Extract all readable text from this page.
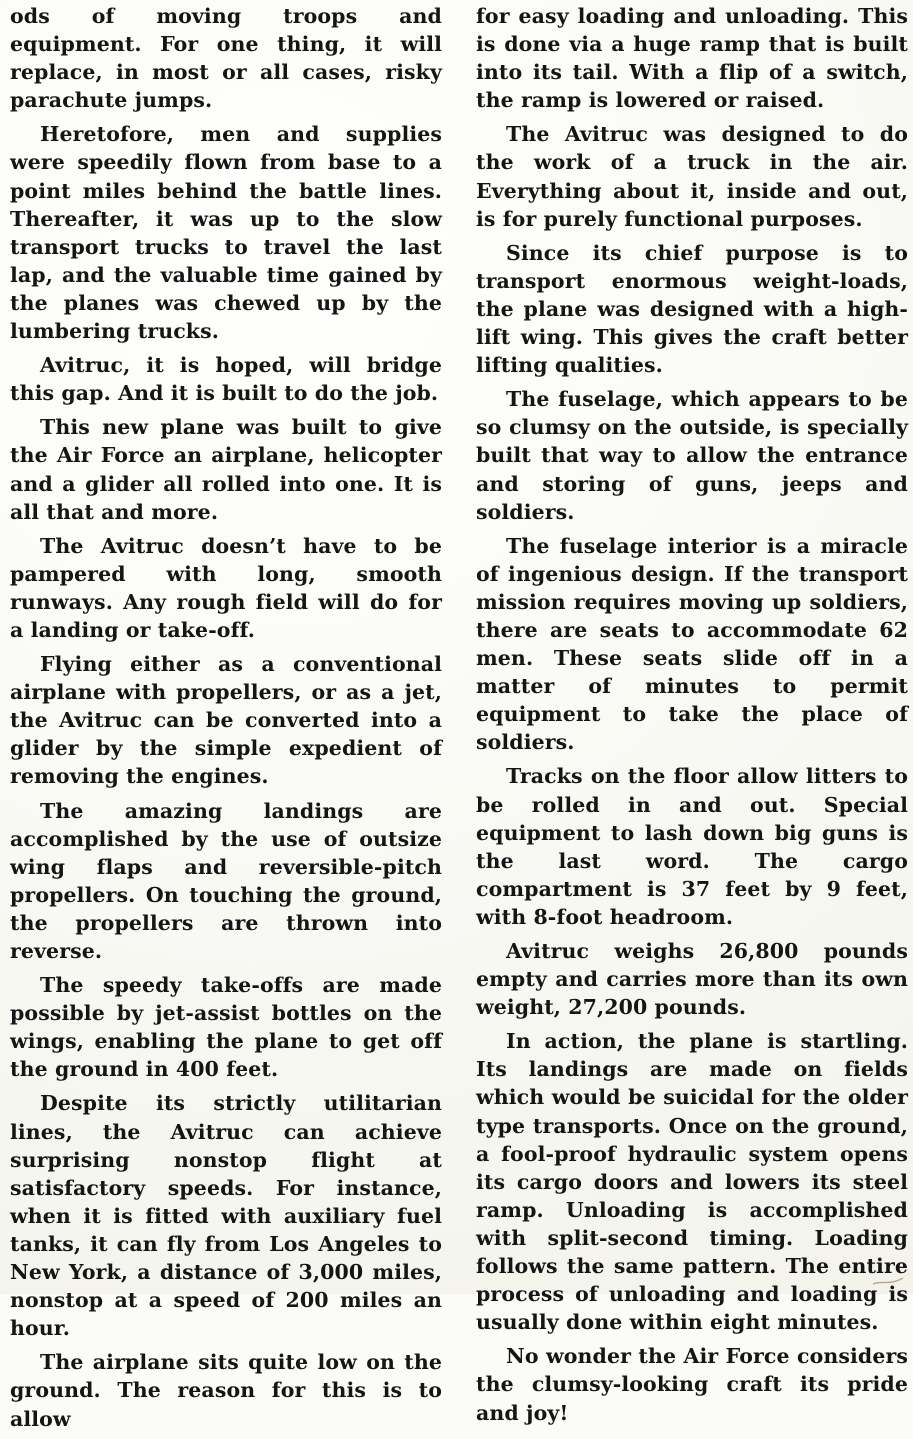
ods of moving troops and equipment. For one thing, it will replace, in most or all cases, risky parachute jumps.

Heretofore, men and supplies were speedily flown from base to a point miles behind the battle lines. Thereafter, it was up to the slow transport trucks to travel the last lap, and the valuable time gained by the planes was chewed up by the lumbering trucks.

Avitruc, it is hoped, will bridge this gap. And it is built to do the job.

This new plane was built to give the Air Force an airplane, helicopter and a glider all rolled into one. It is all that and more.

The Avitruc doesn’t have to be pampered with long, smooth runways. Any rough field will do for a landing or take-off.

Flying either as a conventional airplane with propellers, or as a jet, the Avitruc can be converted into a glider by the simple expedient of removing the engines.

The amazing landings are accomplished by the use of outsize wing flaps and reversible-pitch propellers. On touching the ground, the propellers are thrown into reverse.

The speedy take-offs are made possible by jet-assist bottles on the wings, enabling the plane to get off the ground in 400 feet.

Despite its strictly utilitarian lines, the Avitruc can achieve surprising nonstop flight at satisfactory speeds. For instance, when it is fitted with auxiliary fuel tanks, it can fly from Los Angeles to New York, a distance of 3,000 miles, nonstop at a speed of 200 miles an hour.

The airplane sits quite low on the ground. The reason for this is to allow

for easy loading and unloading. This is done via a huge ramp that is built into its tail. With a flip of a switch, the ramp is lowered or raised.

The Avitruc was designed to do the work of a truck in the air. Everything about it, inside and out, is for purely functional purposes.

Since its chief purpose is to transport enormous weight-loads, the plane was designed with a high-lift wing. This gives the craft better lifting qualities.

The fuselage, which appears to be so clumsy on the outside, is specially built that way to allow the entrance and storing of guns, jeeps and soldiers.

The fuselage interior is a miracle of ingenious design. If the transport mission requires moving up soldiers, there are seats to accommodate 62 men. These seats slide off in a matter of minutes to permit equipment to take the place of soldiers.

Tracks on the floor allow litters to be rolled in and out. Special equipment to lash down big guns is the last word. The cargo compartment is 37 feet by 9 feet, with 8-foot headroom.

Avitruc weighs 26,800 pounds empty and carries more than its own weight, 27,200 pounds.

In action, the plane is startling. Its landings are made on fields which would be suicidal for the older type transports. Once on the ground, a fool-proof hydraulic system opens its cargo doors and lowers its steel ramp. Unloading is accomplished with split-second timing. Loading follows the same pattern. The entire process of unloading and loading is usually done within eight minutes.

No wonder the Air Force considers the clumsy-looking craft its pride and joy!
